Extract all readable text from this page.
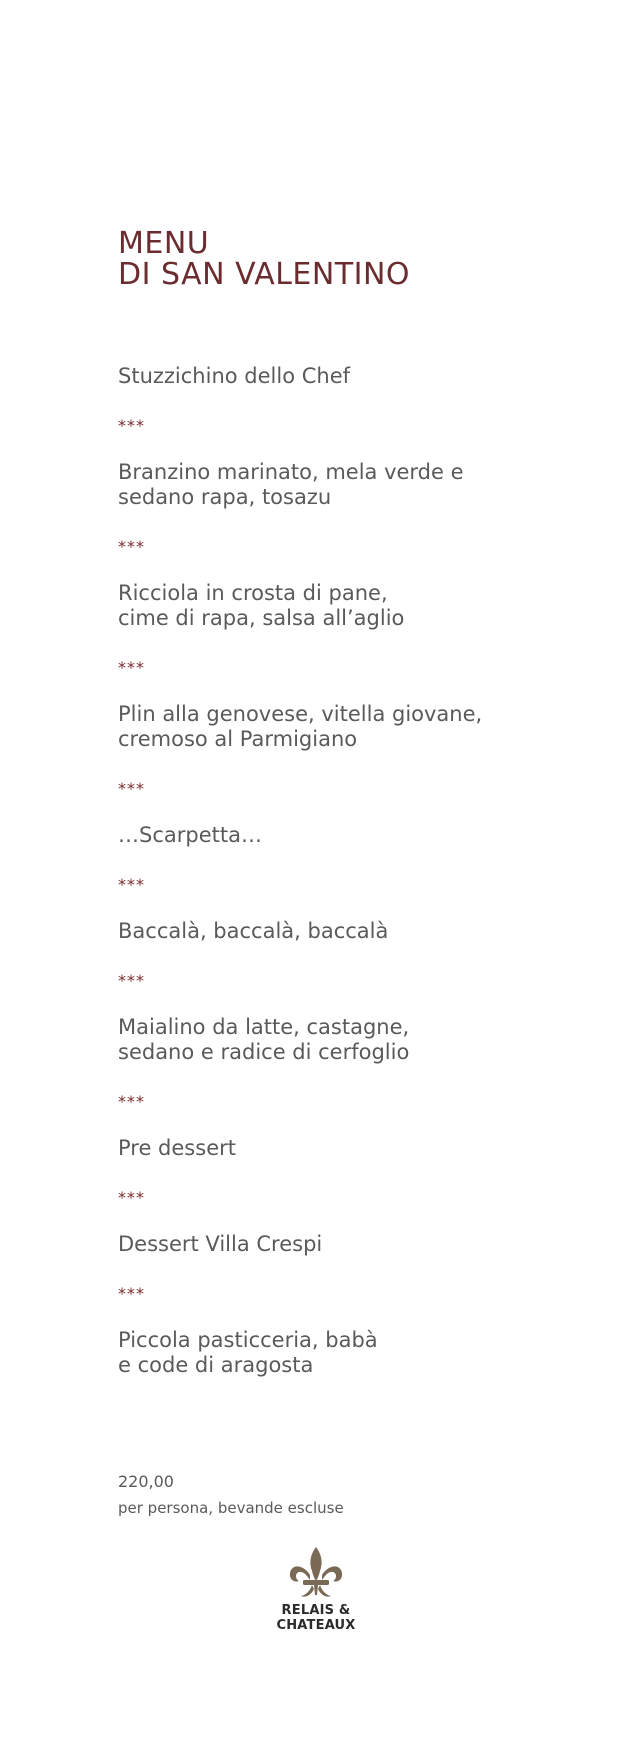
MENU
DI SAN VALENTINO
Stuzzichino dello Chef
***
Branzino marinato, mela verde e
sedano rapa, tosazu
***
Ricciola in crosta di pane,
cime di rapa, salsa all’aglio
***
Plin alla genovese, vitella giovane,
cremoso al Parmigiano
***
…Scarpetta…
***
Baccalà, baccalà, baccalà
***
Maialino da latte, castagne,
sedano e radice di cerfoglio
***
Pre dessert
***
Dessert Villa Crespi
***
Piccola pasticceria, babà
e code di aragosta
220,00
per persona, bevande escluse
RELAIS &
CHATEAUX
